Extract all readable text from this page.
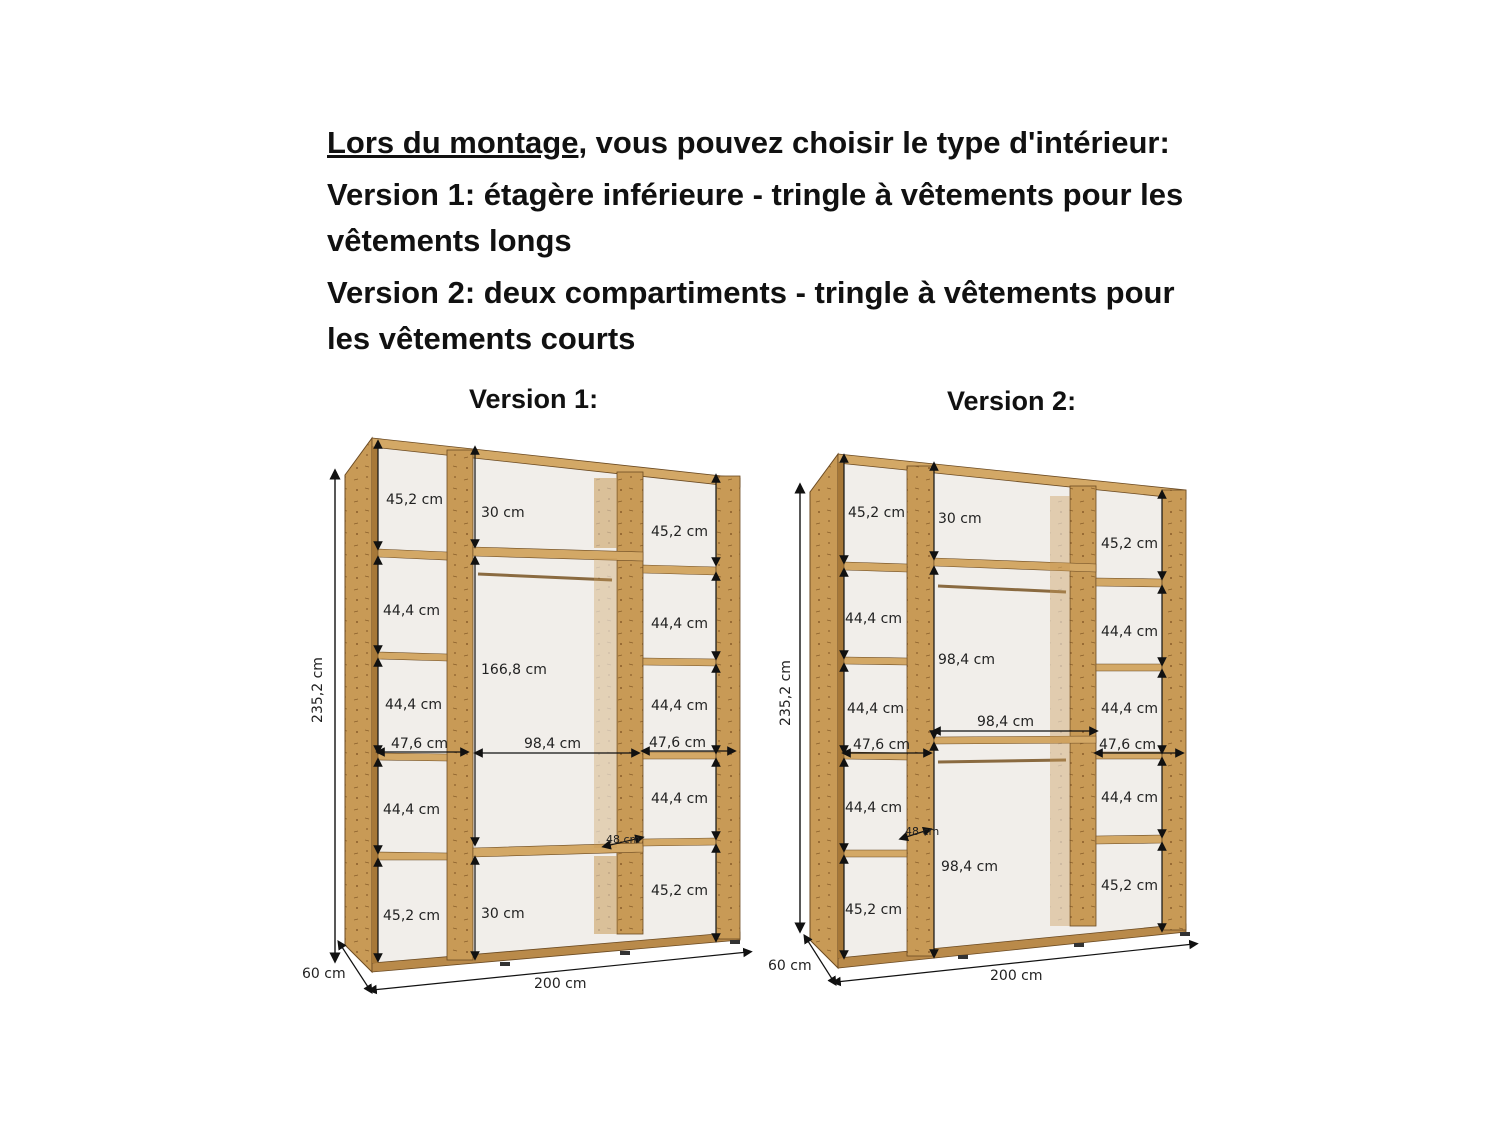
Lors du montage, vous pouvez choisir le type d'intérieur:

Version 1: étagère inférieure - tringle à vêtements pour les vêtements longs

Version 2: deux compartiments - tringle à vêtements pour les vêtements courts

Version 1:	Version 2:
235,2 cm
60 cm
200 cm
45,2 cm
44,4 cm
44,4 cm
44,4 cm
45,2 cm
47,6 cm
30 cm
166,8 cm
98,4 cm
30 cm
48 cm
45,2 cm
44,4 cm
44,4 cm
44,4 cm
45,2 cm
47,6 cm
235,2 cm
60 cm
200 cm
45,2 cm
44,4 cm
44,4 cm
44,4 cm
45,2 cm
47,6 cm
30 cm
98,4 cm
98,4 cm
98,4 cm
48 cm
45,2 cm
44,4 cm
44,4 cm
44,4 cm
45,2 cm
47,6 cm
